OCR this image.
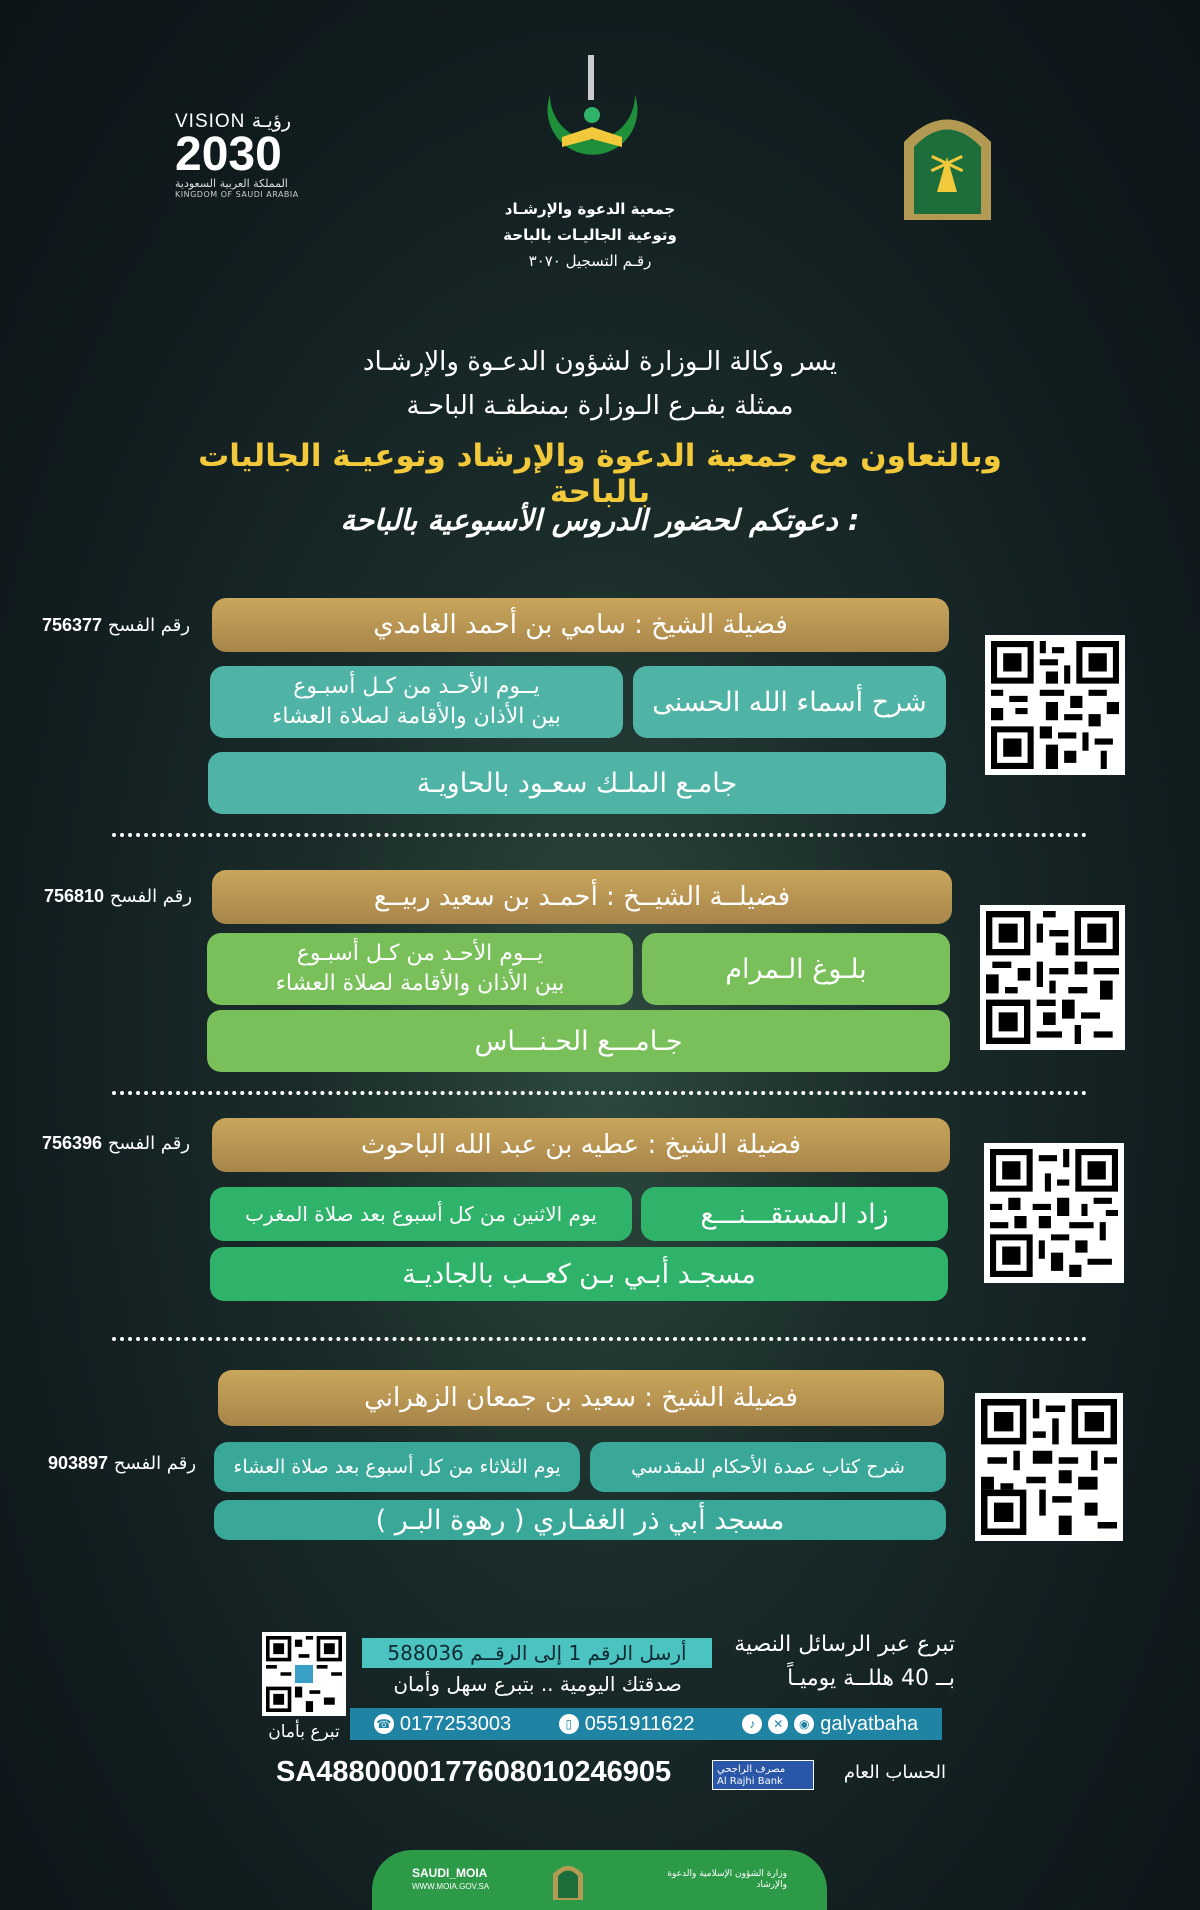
VISION رؤيـة
2030
المملكة العربية السعودية
KINGDOM OF SAUDI ARABIA
جمعية الدعوة والإرشـاد
وتوعية الجاليـات بالباحة
رقـم التسجيل ٣٠٧٠
يسر وكالة الـوزارة لشؤون الدعـوة والإرشـاد
ممثلة بفـرع الـوزارة بمنطقـة الباحـة
وبالتعاون مع جمعية الدعوة والإرشاد وتوعيـة الجاليات بالباحة
دعوتكم لحضور الدروس الأسبوعية بالباحة :
فضيلة الشيخ : سامي بن أحمد الغامدي
756377 رقم الفسح
شرح أسماء الله الحسنى
يــوم الأحـد من كـل أسبـوع
بين الأذان والأقامة لصلاة العشاء
جامـع الملـك سعـود بالحاويـة
فضيلــة الشيــخ : أحمـد بن سعيد ربيــع
756810 رقم الفسح
بلـوغ الـمرام
يــوم الأحـد من كـل أسبـوع
بين الأذان والأقامة لصلاة العشاء
جـامـــع الحـنـــاس
فضيلة الشيخ : عطيه بن عبد الله الباحوث
756396 رقم الفسح
زاد المستقـــنـــع
يوم الاثنين من كل أسبوع بعد صلاة المغرب
مسجـد أبـي بـن كعــب بالجاديـة
فضيلة الشيخ : سعيد بن جمعان الزهراني
903897 رقم الفسح	شرح كتاب عمدة الأحكام للمقدسي
يوم الثلاثاء من كل أسبوع بعد صلاة العشاء
مسجد أبي ذر الغفـاري ( رهوة البـر )
تبرع بأمان
تبرع عبر الرسائل النصية
بــ 40 هللــة يوميـاً
أرسل الرقم 1 إلى الرقــم 588036
صدقتك اليومية .. بتبرع سهل وأمان
☎ 0177253003	▯ 0551911622	♪	✕	◉ galyatbaha
SA4880000177608010246905	مصرف الراجحي
Al Rajhi Bank	الحساب العام
SAUDI_MOIA
WWW.MOIA.GOV.SA
وزارة الشؤون الإسلامية والدعوة والإرشاد
